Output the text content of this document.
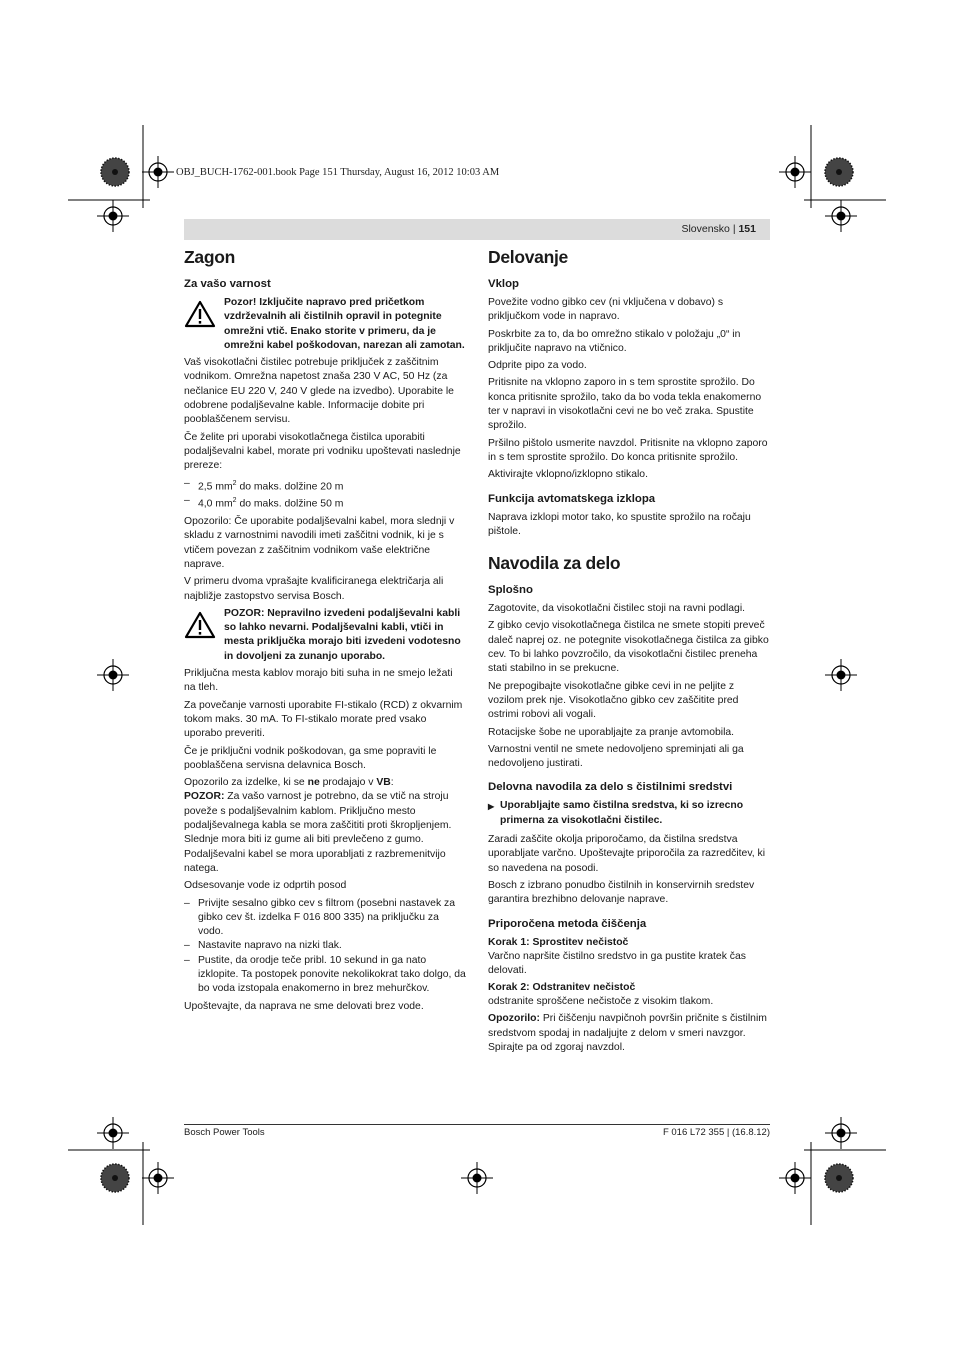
OBJ_BUCH-1762-001.book Page 151 Thursday, August 16, 2012 10:03 AM
Slovensko | 151
Zagon
Za vašo varnost
Pozor! Izključite napravo pred pričetkom vzdrževalnih ali čistilnih opravil in potegnite omrežni vtič. Enako storite v primeru, da je omrežni kabel poškodovan, narezan ali zamotan.

Vaš visokotlačni čistilec potrebuje priključek z zaščitnim vodnikom. Omrežna napetost znaša 230 V AC, 50 Hz (za nečlanice EU 220 V, 240 V glede na izvedbo). Uporabite le odobrene podaljševalne kable. Informacije dobite pri pooblaščenem servisu.

Če želite pri uporabi visokotlačnega čistilca uporabiti podaljševalni kabel, morate pri vodniku upoštevati naslednje prereze:

– 2,5 $mm^2$ do maks. dolžine 20 m
– 4,0 $mm^2$ do maks. dolžine 50 m

Opozorilo: Če uporabite podaljševalni kabel, mora slednji v skladu z varnostnimi navodili imeti zaščitni vodnik, ki je s vtičem povezan z zaščitnim vodnikom vaše električne naprave.

V primeru dvoma vprašajte kvalificiranega električarja ali najbližje zastopstvo servisa Bosch.

POZOR: Nepravilno izvedeni podaljševalni kabli so lahko nevarni. Podaljševalni kabli, vtiči in mesta priključka morajo biti izvedeni vodotesno in dovoljeni za zunanjo uporabo.

Priključna mesta kablov morajo biti suha in ne smejo ležati na tleh.

Za povečanje varnosti uporabite FI-stikalo (RCD) z okvarnim tokom maks. 30 mA. To FI-stikalo morate pred vsako uporabo preveriti.

Če je priključni vodnik poškodovan, ga sme popraviti le pooblaščena servisna delavnica Bosch.

Opozorilo za izdelke, ki se ne prodajajo v VB:

POZOR: Za vašo varnost je potrebno, da se vtič na stroju poveže s podaljševalnim kablom. Priključno mesto podaljševalnega kabla se mora zaščititi proti škropljenjem. Slednje mora biti iz gume ali biti prevlečeno z gumo. Podaljševalni kabel se mora uporabljati z razbremenitvijo natega.

Odsesovanje vode iz odprtih posod

– Privijte sesalno gibko cev s filtrom (posebni nastavek za gibko cev št. izdelka F 016 800 335) na priključku za vodo.
– Nastavite napravo na nizki tlak.
– Pustite, da orodje teče pribl. 10 sekund in ga nato izklopite. Ta postopek ponovite nekolikokrat tako dolgo, da bo voda izstopala enakomerno in brez mehurčkov.

Upoštevajte, da naprava ne sme delovati brez vode.

Delovanje
Vklop

Povežite vodno gibko cev (ni vključena v dobavo) s priključkom vode in napravo.

Poskrbite za to, da bo omrežno stikalo v položaju „0“ in priključite napravo na vtičnico.

Odprite pipo za vodo.

Pritisnite na vklopno zaporo in s tem sprostite sprožilo. Do konca pritisnite sprožilo, tako da bo voda tekla enakomerno ter v napravi in visokotlačni cevi ne bo več zraka. Spustite sprožilo.

Pršilno pištolo usmerite navzdol. Pritisnite na vklopno zaporo in s tem sprostite sprožilo. Do konca pritisnite sprožilo.

Aktivirajte vklopno/izklopno stikalo.

Funkcija avtomatskega izklopa

Naprava izklopi motor tako, ko spustite sprožilo na ročaju pištole.

Navodila za delo
Splošno

Zagotovite, da visokotlačni čistilec stoji na ravni podlagi.

Z gibko cevjo visokotlačnega čistilca ne smete stopiti preveč dalеč naprej oz. ne potegnite visokotlačnega čistilca za gibko cev. To bi lahko povzročilo, da visokotlačni čistilec preneha stati stabilno in se prekucne.

Ne prepogibajte visokotlačne gibke cevi in ne peljite z vozilom prek nje. Visokotlačno gibko cev zaščitite pred ostrimi robovi ali vogali.

Rotacijske šobe ne uporabljajte za pranje avtomobila.

Varnostni ventil ne smete nedovoljeno spreminjati ali ga nedovoljeno justirati.

Delovna navodila za delo s čistilnimi sredstvi
▶ Uporabljajte samo čistilna sredstva, ki so izrecno primerna za visokotlačni čistilec.

Zaradi zaščite okolja priporočamo, da čistilna sredstva uporabljate varčno. Upoštevajte priporočila za razredčitev, ki so navedena na posodi.

Bosch z izbrano ponudbo čistilnih in konservirnih sredstev garantira brezhibno delovanje naprave.

Priporočena metoda čiščenja
Korak 1: Sprostitev nečistoč

Varčno napršite čistilno sredstvo in ga pustite kratek čas delovati.

Korak 2: Odstranitev nečistoč

odstranite sproščene nečistoče z visokim tlakom.

Opozorilo: Pri čiščenju navpičnoh površin pričnite s čistilnim sredstvom spodaj in nadaljujte z delom v smeri navzgor. Spirajte pa od zgoraj navzdol.

Bosch Power Tools	F 016 L72 355 | (16.8.12)
